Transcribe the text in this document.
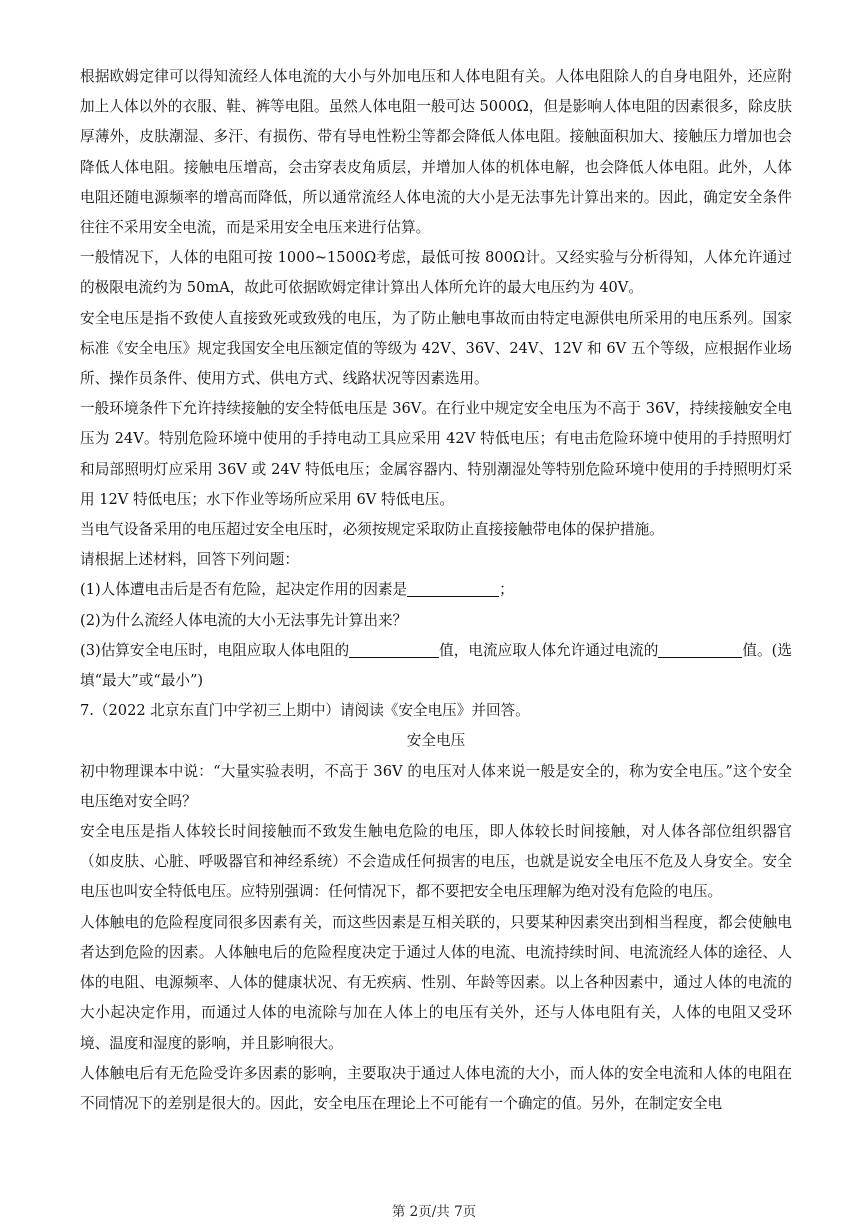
根据欧姆定律可以得知流经人体电流的大小与外加电压和人体电阻有关。人体电阻除人的自身电阻外，还应附加上人体以外的衣服、鞋、裤等电阻。虽然人体电阻一般可达 5000Ω，但是影响人体电阻的因素很多，除皮肤厚薄外，皮肤潮湿、多汗、有损伤、带有导电性粉尘等都会降低人体电阻。接触面积加大、接触压力增加也会降低人体电阻。接触电压增高，会击穿表皮角质层，并增加人体的机体电解，也会降低人体电阻。此外，人体电阻还随电源频率的增高而降低，所以通常流经人体电流的大小是无法事先计算出来的。因此，确定安全条件往往不采用安全电流，而是采用安全电压来进行估算。

一般情况下，人体的电阻可按 1000~1500Ω考虑，最低可按 800Ω计。又经实验与分析得知，人体允许通过的极限电流约为 50mA，故此可依据欧姆定律计算出人体所允许的最大电压约为 40V。

安全电压是指不致使人直接致死或致残的电压，为了防止触电事故而由特定电源供电所采用的电压系列。国家标准《安全电压》规定我国安全电压额定值的等级为 42V、36V、24V、12V 和 6V 五个等级，应根据作业场所、操作员条件、使用方式、供电方式、线路状况等因素选用。

一般环境条件下允许持续接触的安全特低电压是 36V。在行业中规定安全电压为不高于 36V，持续接触安全电压为 24V。特别危险环境中使用的手持电动工具应采用 42V 特低电压；有电击危险环境中使用的手持照明灯和局部照明灯应采用 36V 或 24V 特低电压；金属容器内、特别潮湿处等特别危险环境中使用的手持照明灯采用 12V 特低电压；水下作业等场所应采用 6V 特低电压。

当电气设备采用的电压超过安全电压时，必须按规定采取防止直接接触带电体的保护措施。

请根据上述材料，回答下列问题：

(1)人体遭电击后是否有危险，起决定作用的因素是	；

(2)为什么流经人体电流的大小无法事先计算出来？

(3)估算安全电压时，电阻应取人体电阻的	值，电流应取人体允许通过电流的	值。(选填“最大”或“最小”)

7.（2022 北京东直门中学初三上期中）请阅读《安全电压》并回答。

安全电压

初中物理课本中说：“大量实验表明，不高于 36V 的电压对人体来说一般是安全的，称为安全电压。”这个安全电压绝对安全吗？

安全电压是指人体较长时间接触而不致发生触电危险的电压，即人体较长时间接触，对人体各部位组织器官（如皮肤、心脏、呼吸器官和神经系统）不会造成任何损害的电压，也就是说安全电压不危及人身安全。安全电压也叫安全特低电压。应特别强调：任何情况下，都不要把安全电压理解为绝对没有危险的电压。

人体触电的危险程度同很多因素有关，而这些因素是互相关联的，只要某种因素突出到相当程度，都会使触电者达到危险的因素。人体触电后的危险程度决定于通过人体的电流、电流持续时间、电流流经人体的途径、人体的电阻、电源频率、人体的健康状况、有无疾病、性别、年龄等因素。以上各种因素中，通过人体的电流的大小起决定作用，而通过人体的电流除与加在人体上的电压有关外，还与人体电阻有关，人体的电阻又受环境、温度和湿度的影响，并且影响很大。

人体触电后有无危险受许多因素的影响，主要取决于通过人体电流的大小，而人体的安全电流和人体的电阻在不同情况下的差别是很大的。因此，安全电压在理论上不可能有一个确定的值。另外，在制定安全电

第 2页/共 7页
